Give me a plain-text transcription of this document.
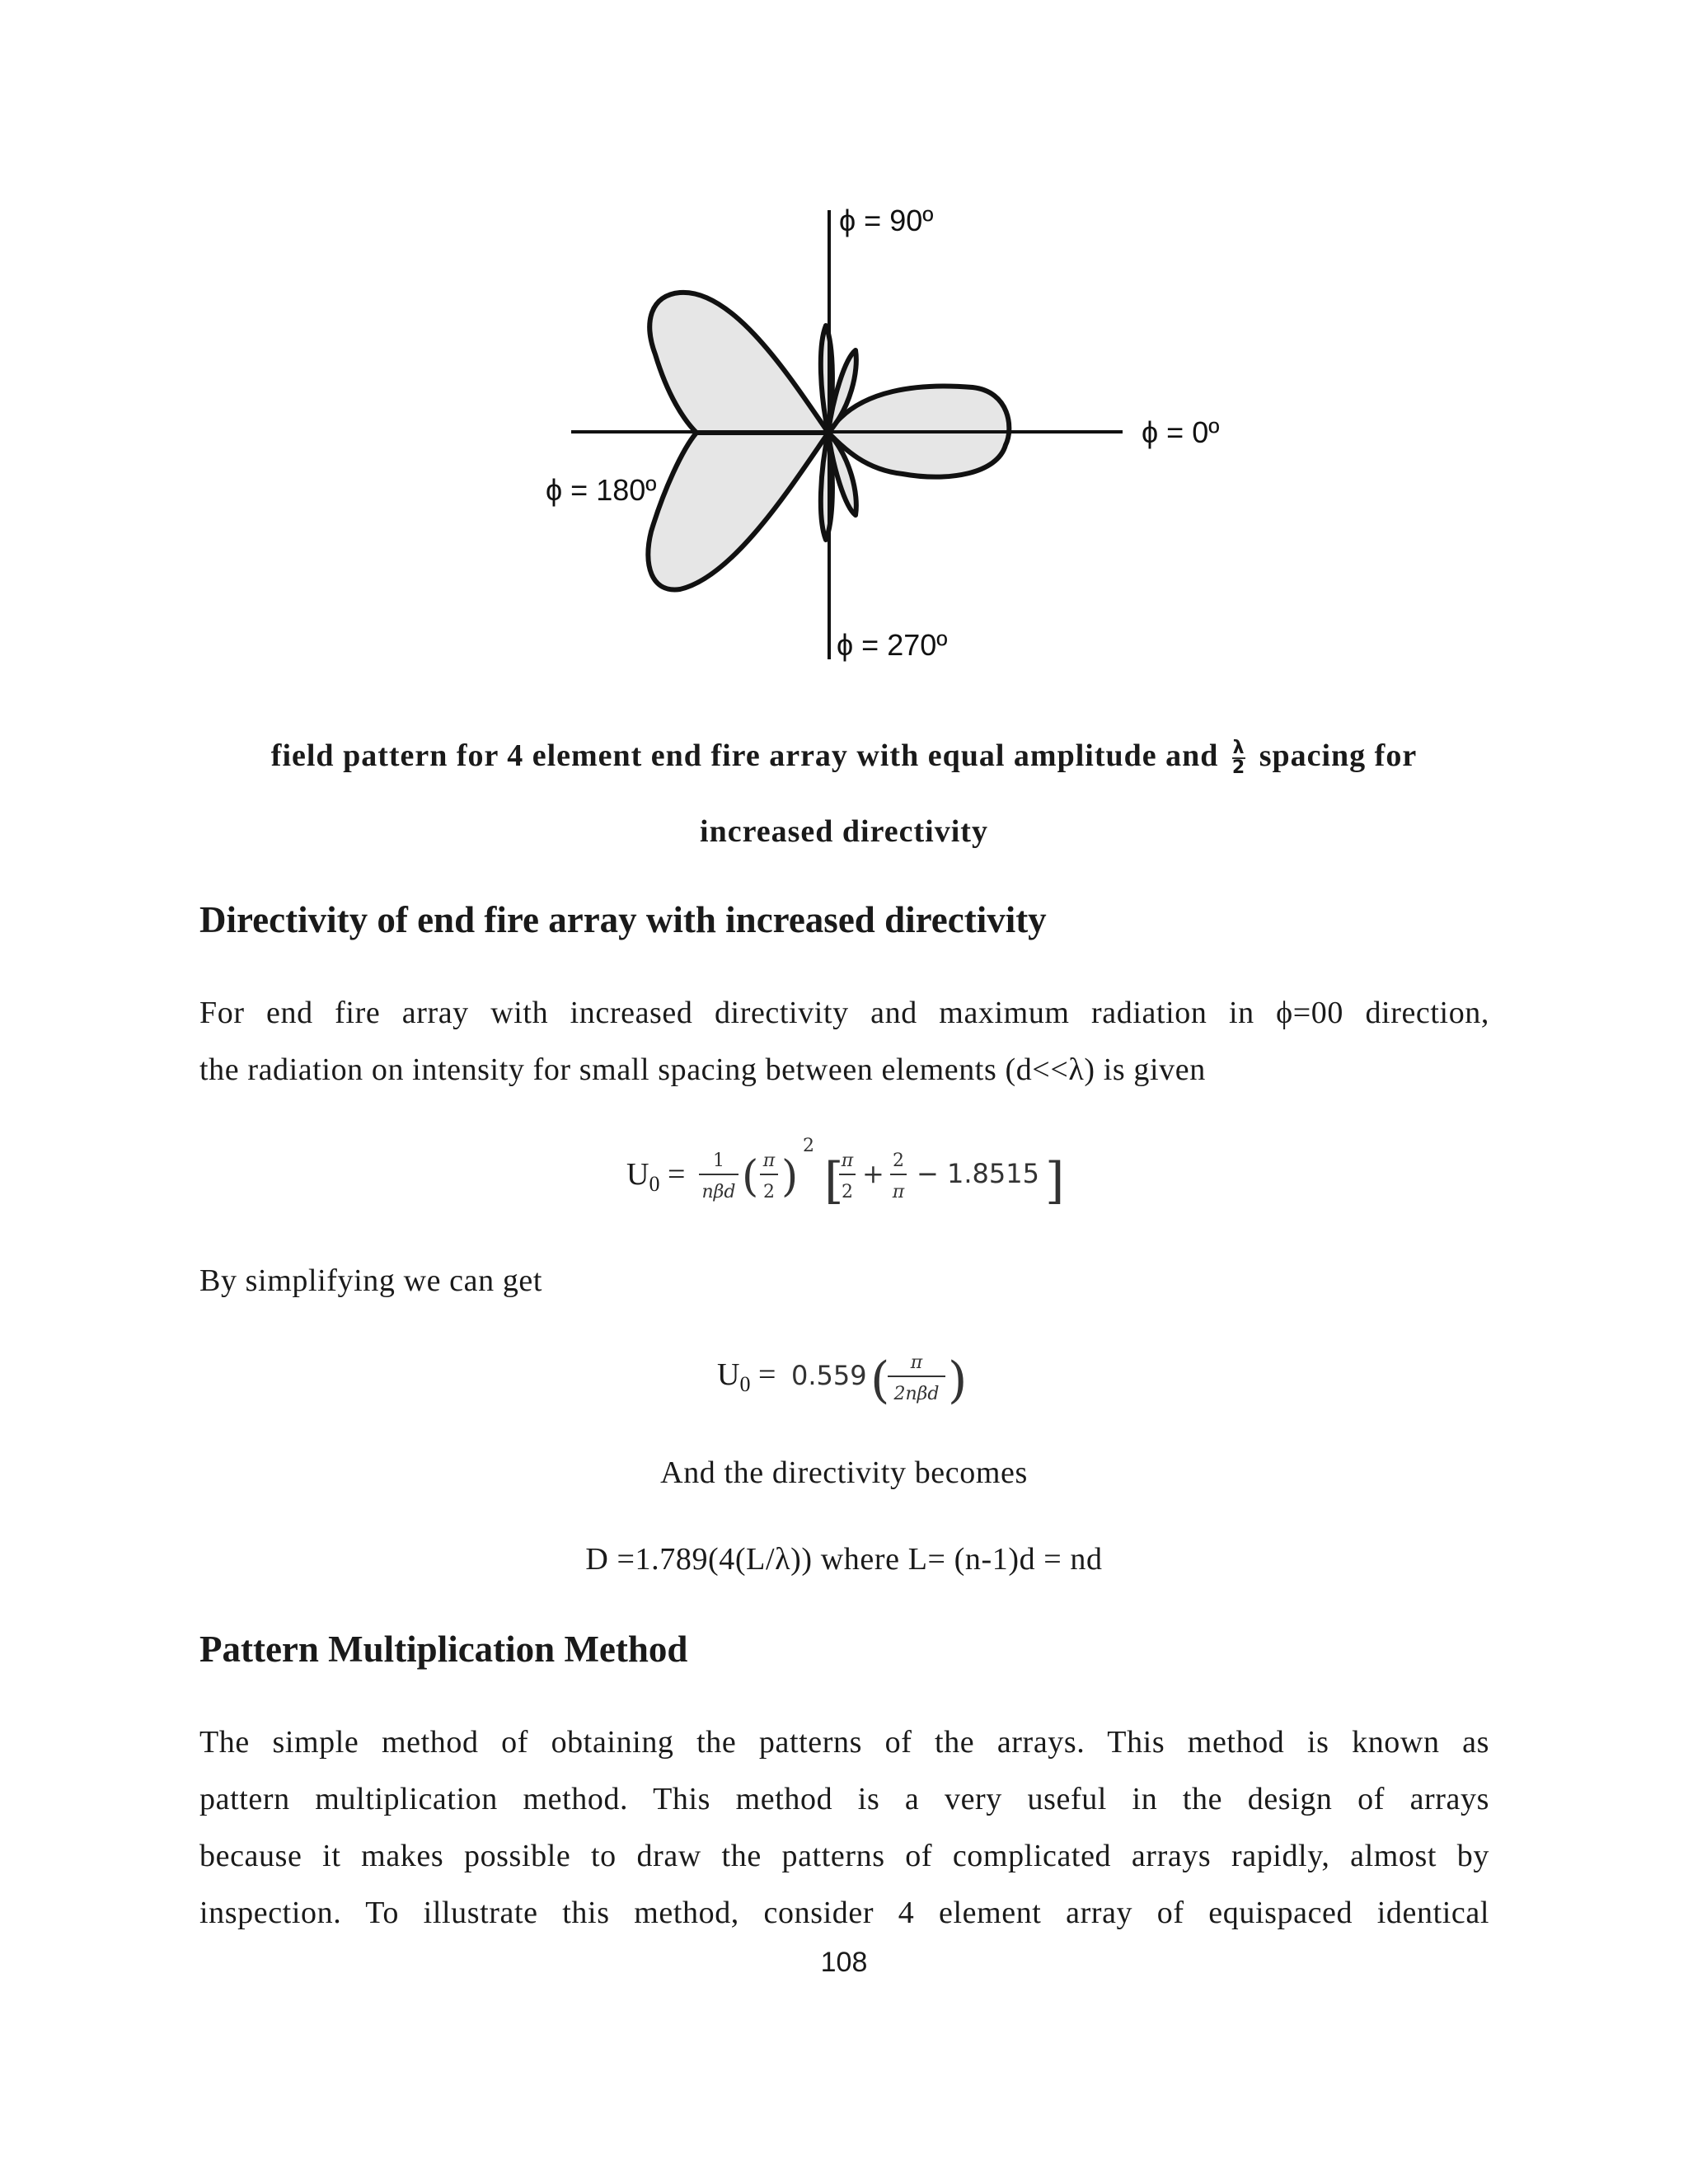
ϕ = 90º
ϕ = 0º
ϕ = 180º
ϕ = 270º
field pattern for 4 element end fire array with equal amplitude and $\frac{\lambda}{2}$ spacing for
increased directivity
Directivity of end fire array with increased directivity
For end fire array with increased directivity and maximum radiation in ϕ=00 direction,
the radiation on intensity for small spacing between elements (d<<λ) is given
$U_0 = 1$
nβd ( π
2 )
2
[
π
2
+ 2
π
− 1.8515 ]
By simplifying we can get
$U_0 = 0.559$ ( π
2nβd )
And the directivity becomes
D =1.789(4(L/λ)) where L= (n-1)d = nd
Pattern Multiplication Method
The simple method of obtaining the patterns of the arrays. This method is known as
pattern multiplication method. This method is a very useful in the design of arrays
because it makes possible to draw the patterns of complicated arrays rapidly, almost by
inspection. To illustrate this method, consider 4 element array of equispaced identical
108
